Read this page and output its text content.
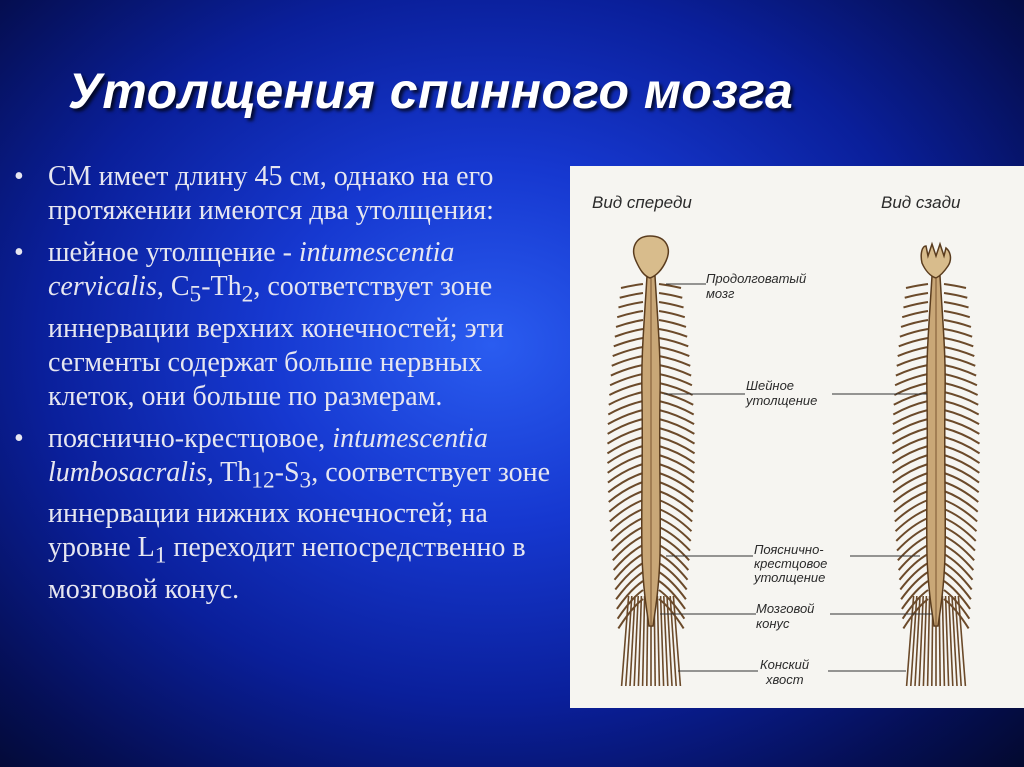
Утолщения спинного мозга
• СМ имеет длину 45 см, однако на его протяжении имеются два утолщения:
• шейное утолщение - intumescentia cervicalis, $С_5-Th_2$, соответствует зоне иннервации верхних конечностей; эти сегменты содержат больше нервных клеток, они больше по размерам.
• пояснично-крестцовое, intumescentia lumbosacralis, $Th_{12}-S_3$, соответствует зоне иннервации нижних конечностей; на уровне $L_1$ переходит непосредственно в мозговой конус.
Вид спереди	Вид сзади
Продолговатый
мозг
Шейное
утолщение
Пояснично-
крестцовое
утолщение
Мозговой
конус
Конский
хвост
